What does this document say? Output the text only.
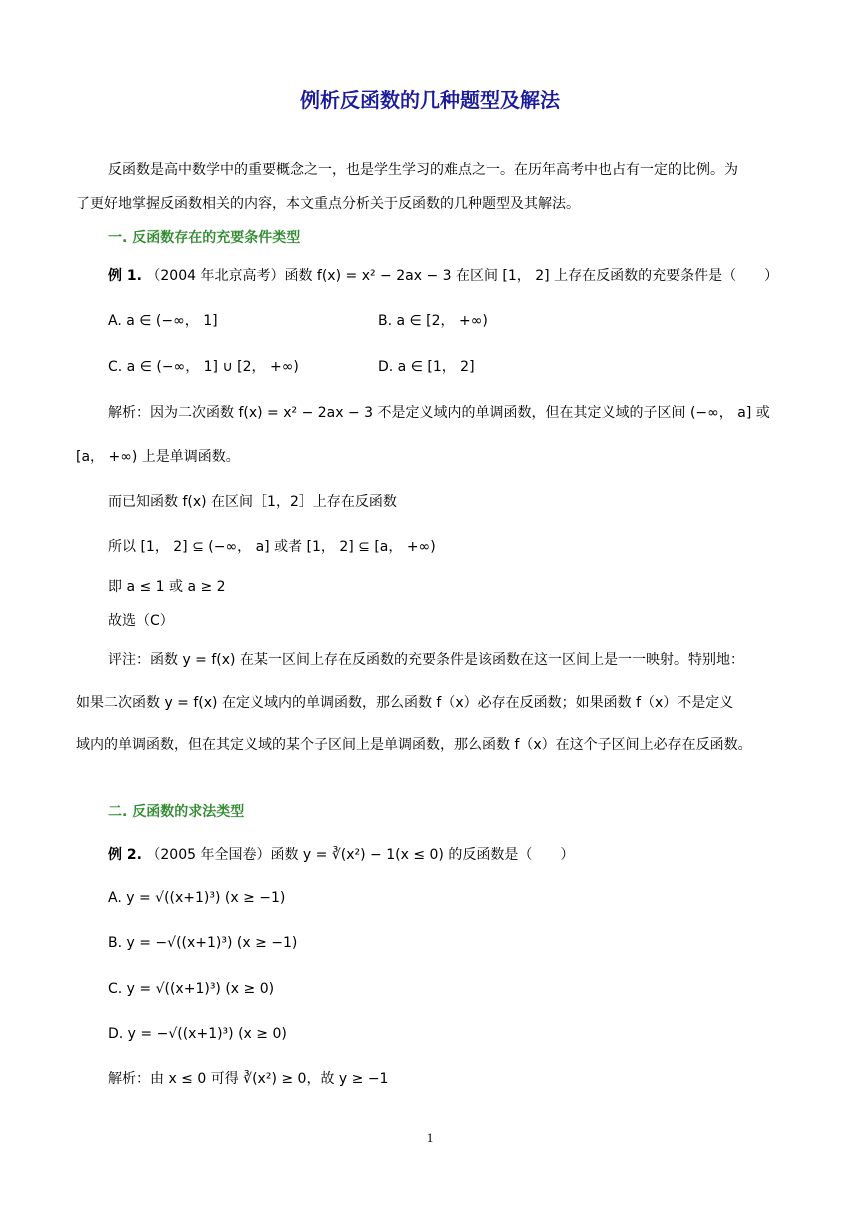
例析反函数的几种题型及解法
反函数是高中数学中的重要概念之一，也是学生学习的难点之一。在历年高考中也占有一定的比例。为
了更好地掌握反函数相关的内容，本文重点分析关于反函数的几种题型及其解法。
一. 反函数存在的充要条件类型
例 1. （2004 年北京高考）函数 f(x) = x² − 2ax − 3 在区间 [1， 2] 上存在反函数的充要条件是（　　）
A. a ∈ (−∞， 1]	B. a ∈ [2， +∞)
C. a ∈ (−∞， 1] ∪ [2， +∞)	D. a ∈ [1， 2]
解析：因为二次函数 f(x) = x² − 2ax − 3 不是定义域内的单调函数，但在其定义域的子区间 (−∞， a] 或
[a， +∞) 上是单调函数。
而已知函数 f(x) 在区间［1，2］上存在反函数
所以 [1， 2] ⊆ (−∞， a] 或者 [1， 2] ⊆ [a， +∞)
即 a ≤ 1 或 a ≥ 2
故选（C）
评注：函数 y = f(x) 在某一区间上存在反函数的充要条件是该函数在这一区间上是一一映射。特别地：
如果二次函数 y = f(x) 在定义域内的单调函数，那么函数 f（x）必存在反函数；如果函数 f（x）不是定义
域内的单调函数，但在其定义域的某个子区间上是单调函数，那么函数 f（x）在这个子区间上必存在反函数。
二. 反函数的求法类型
例 2. （2005 年全国卷）函数 y = ∛(x²) − 1(x ≤ 0) 的反函数是（　　）
A. y = √((x+1)³) (x ≥ −1)
B. y = −√((x+1)³) (x ≥ −1)
C. y = √((x+1)³) (x ≥ 0)
D. y = −√((x+1)³) (x ≥ 0)
解析：由 x ≤ 0 可得 ∛(x²) ≥ 0，故 y ≥ −1
1
